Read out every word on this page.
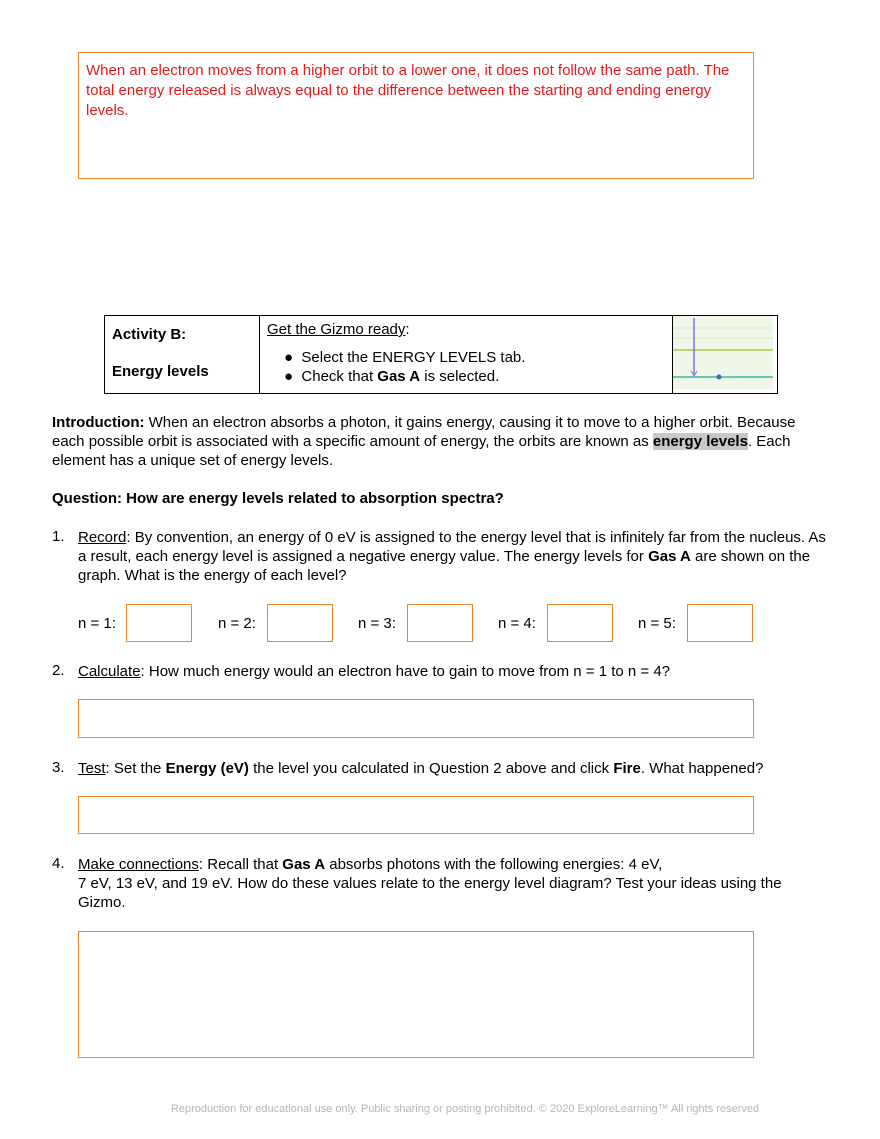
When an electron moves from a higher orbit to a lower one, it does not follow the same path. The total energy released is always equal to the difference between the starting and ending energy levels.
Activity B:
Energy levels

Get the Gizmo ready:
●  Select the ENERGY LEVELS tab.
●  Check that Gas A is selected.

Introduction: When an electron absorbs a photon, it gains energy, causing it to move to a higher orbit. Because each possible orbit is associated with a specific amount of energy, the orbits are known as energy levels. Each element has a unique set of energy levels.
Question: How are energy levels related to absorption spectra?
1. Record: By convention, an energy of 0 eV is assigned to the energy level that is infinitely far from the nucleus. As a result, each energy level is assigned a negative energy value. The energy levels for Gas A are shown on the graph. What is the energy of each level?
n = 1:	n = 2:	n = 3:	n = 4:	n = 5:
2. Calculate: How much energy would an electron have to gain to move from n = 1 to n = 4?
3. Test: Set the Energy (eV) the level you calculated in Question 2 above and click Fire. What happened?
4. Make connections: Recall that Gas A absorbs photons with the following energies: 4 eV,
7 eV, 13 eV, and 19 eV. How do these values relate to the energy level diagram? Test your ideas using the Gizmo.
Reproduction for educational use only. Public sharing or posting prohibited. © 2020 ExploreLearning™ All rights reserved
